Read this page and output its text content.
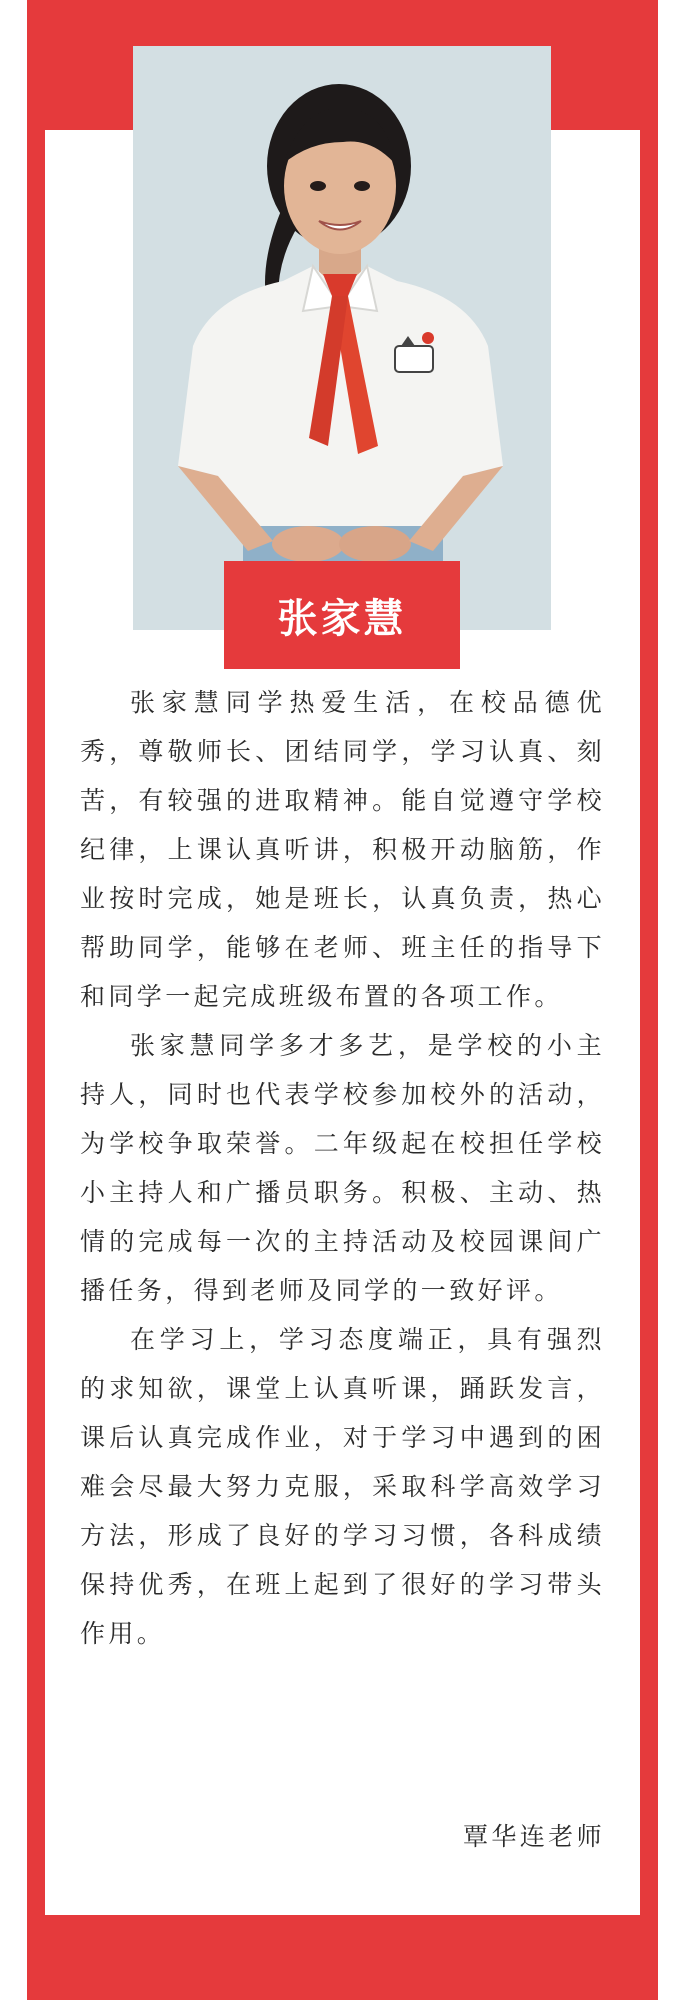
张家慧

张家慧同学热爱生活，在校品德优秀，尊敬师长、团结同学，学习认真、刻苦，有较强的进取精神。能自觉遵守学校纪律，上课认真听讲，积极开动脑筋，作业按时完成，她是班长，认真负责，热心帮助同学，能够在老师、班主任的指导下和同学一起完成班级布置的各项工作。

张家慧同学多才多艺，是学校的小主持人，同时也代表学校参加校外的活动，为学校争取荣誉。二年级起在校担任学校小主持人和广播员职务。积极、主动、热情的完成每一次的主持活动及校园课间广播任务，得到老师及同学的一致好评。

在学习上，学习态度端正，具有强烈的求知欲，课堂上认真听课，踊跃发言，课后认真完成作业，对于学习中遇到的困难会尽最大努力克服，采取科学高效学习方法，形成了良好的学习习惯，各科成绩保持优秀，在班上起到了很好的学习带头作用。

覃华连老师
